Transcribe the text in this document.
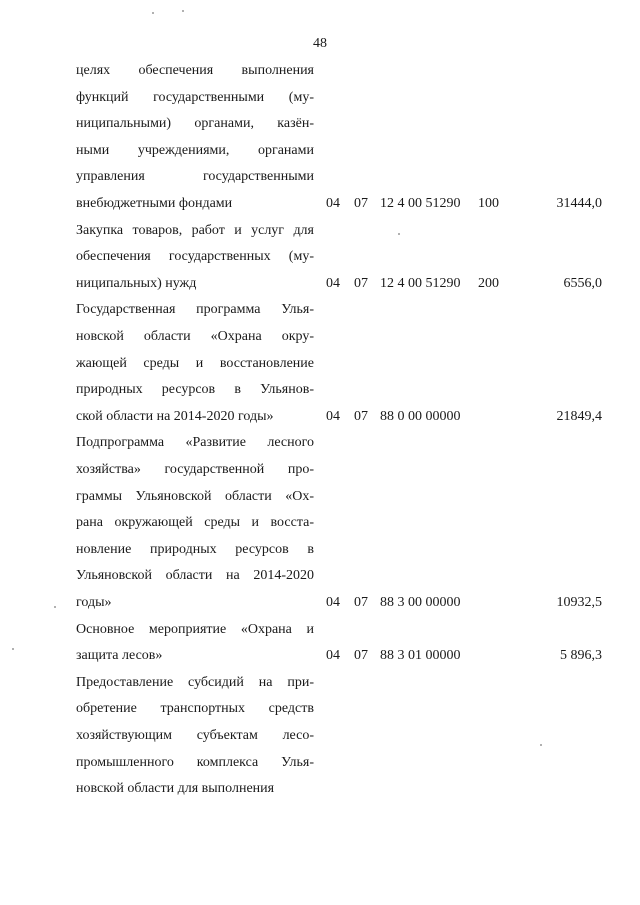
48
целях обеспечения выполнения
функций государственными (му-
ниципальными) органами, казён-
ными учреждениями, органами
управления государственными
внебюджетными фондами	04 07 12 4 00 51290 100	31444,0
Закупка товаров, работ и услуг для
обеспечения государственных (му-
ниципальных) нужд	04 07 12 4 00 51290 200	6556,0
Государственная программа Улья-
новской области «Охрана окру-
жающей среды и восстановление
природных ресурсов в Ульянов-
ской области на 2014-2020 годы»	04 07 88 0 00 00000	21849,4
Подпрограмма «Развитие лесного
хозяйства» государственной про-
граммы Ульяновской области «Ох-
рана окружающей среды и восста-
новление природных ресурсов в
Ульяновской области на 2014-2020
годы»	04 07 88 3 00 00000	10932,5
Основное мероприятие «Охрана и
защита лесов»	04 07 88 3 01 00000	5 896,3
Предоставление субсидий на при-
обретение транспортных средств
хозяйствующим субъектам лесо-
промышленного комплекса Улья-
новской области для выполнения
